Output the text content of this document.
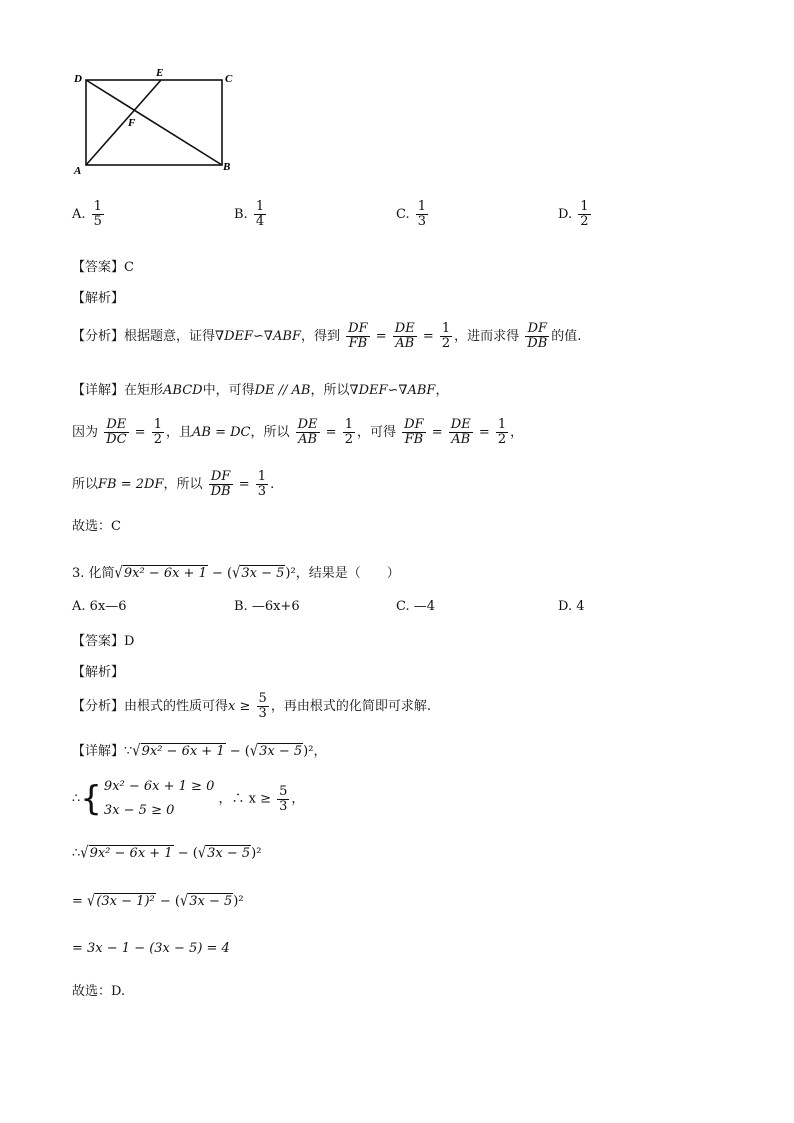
D	E	C
F
A	B
A. $\frac{1}{5}$	B. $\frac{1}{4}$	C. $\frac{1}{3}$	D. $\frac{1}{2}$
【答案】C
【解析】
【分析】根据题意，证得∇DEF∽∇ABF，得到 $\frac{DF}{FB} = \frac{DE}{AB} = \frac{1}{2}$ ，进而求得 $\frac{DF}{DB}$ 的值.
【详解】在矩形ABCD中，可得DE // AB，所以∇DEF∽∇ABF，
因为 $\frac{DE}{DC} = \frac{1}{2}$ ，且AB = DC，所以 $\frac{DE}{AB} = \frac{1}{2}$ ，可得 $\frac{DF}{FB} = \frac{DE}{AB} = \frac{1}{2}$ ，
所以FB = 2DF，所以 $\frac{DF}{DB} = \frac{1}{3}$ .
故选：C
3. 化简√9x² − 6x + 1 − (√3x − 5)²，结果是（　　）
A. 6x—6	B. —6x+6	C. —4	D. 4
【答案】D
【解析】
【分析】由根式的性质可得$x \ge \frac{5}{3}$ ，再由根式的化简即可求解.
【详解】∵√9x² − 6x + 1 − (√3x − 5)²，
∴{ 9x² − 6x + 1 ≥ 0
3x − 5 ≥ 0
，∴ $x \ge \frac{5}{3}$ ，
∴√9x² − 6x + 1 − (√3x − 5)²
= √(3x − 1)² − (√3x − 5)²
= 3x − 1 − (3x − 5) = 4
故选：D.
